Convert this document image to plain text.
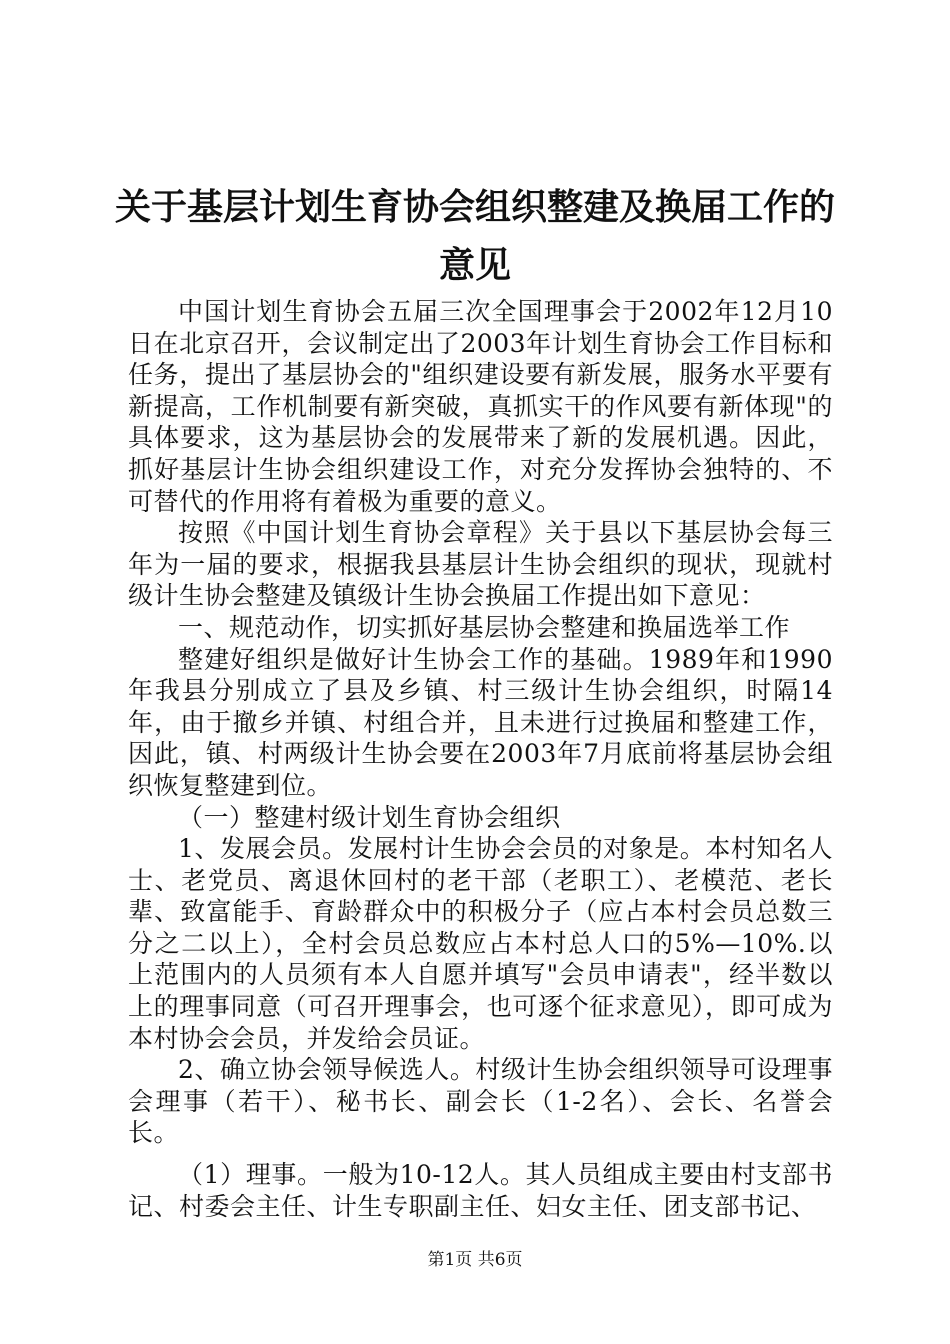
关于基层计划生育协会组织整建及换届工作的
意见

中国计划生育协会五届三次全国理事会于2002年12月10日在北京召开，会议制定出了2003年计划生育协会工作目标和任务，提出了基层协会的"组织建设要有新发展，服务水平要有新提高，工作机制要有新突破，真抓实干的作风要有新体现"的具体要求，这为基层协会的发展带来了新的发展机遇。因此，抓好基层计生协会组织建设工作，对充分发挥协会独特的、不可替代的作用将有着极为重要的意义。

按照《中国计划生育协会章程》关于县以下基层协会每三年为一届的要求，根据我县基层计生协会组织的现状，现就村级计生协会整建及镇级计生协会换届工作提出如下意见：

一、规范动作，切实抓好基层协会整建和换届选举工作

整建好组织是做好计生协会工作的基础。1989年和1990年我县分别成立了县及乡镇、村三级计生协会组织，时隔14年，由于撤乡并镇、村组合并，且未进行过换届和整建工作，因此，镇、村两级计生协会要在2003年7月底前将基层协会组织恢复整建到位。

（一）整建村级计划生育协会组织

1、发展会员。发展村计生协会会员的对象是。本村知名人士、老党员、离退休回村的老干部（老职工）、老模范、老长辈、致富能手、育龄群众中的积极分子（应占本村会员总数三分之二以上），全村会员总数应占本村总人口的5%—10%.以上范围内的人员须有本人自愿并填写"会员申请表"，经半数以上的理事同意（可召开理事会，也可逐个征求意见），即可成为本村协会会员，并发给会员证。

2、确立协会领导候选人。村级计生协会组织领导可设理事会理事（若干）、秘书长、副会长（1-2名）、会长、名誉会长。

（1）理事。一般为10-12人。其人员组成主要由村支部书记、村委会主任、计生专职副主任、妇女主任、团支部书记、

第1页 共6页
